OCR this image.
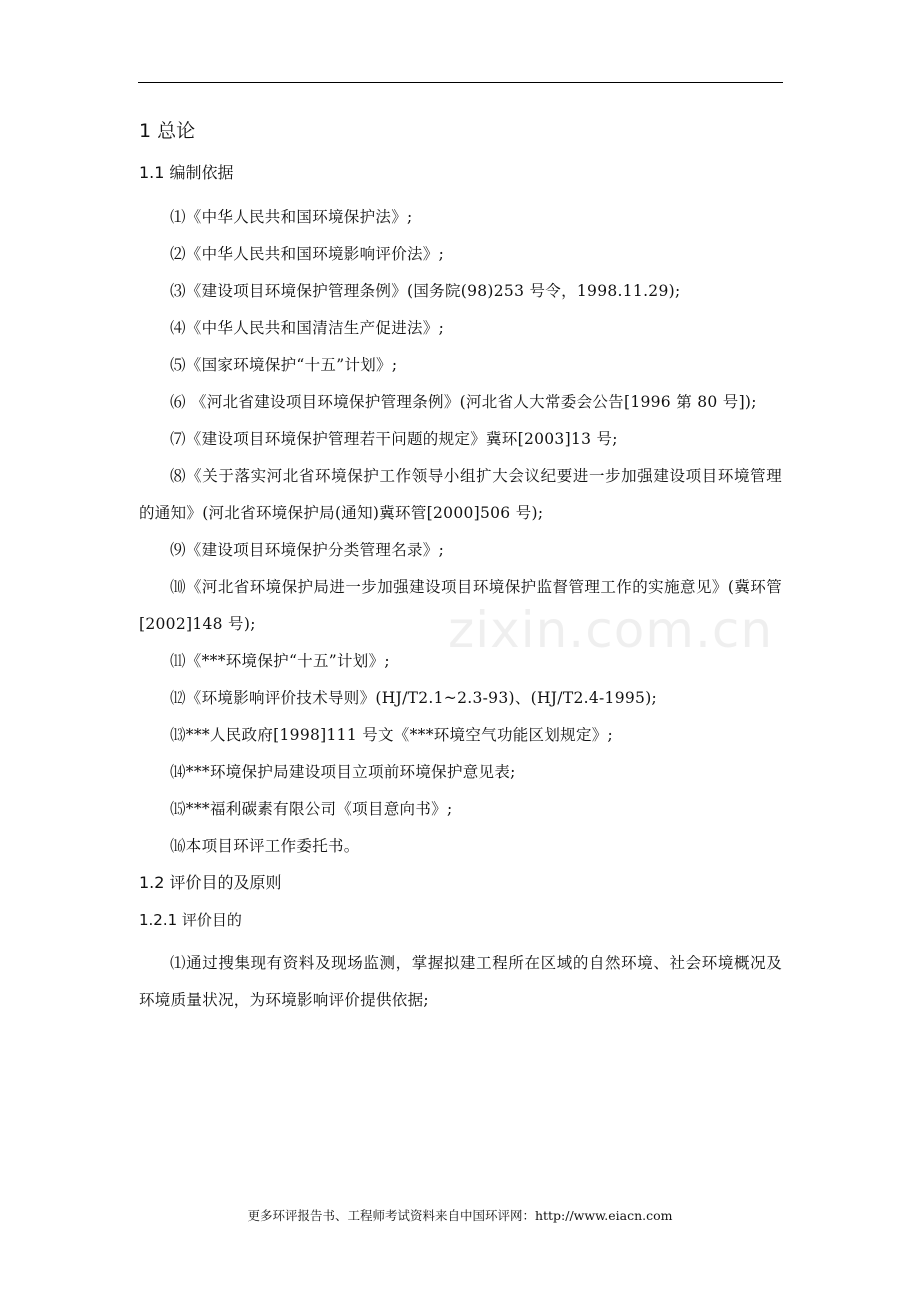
zixin.com.cn
1 总论
1.1 编制依据

⑴《中华人民共和国环境保护法》;

⑵《中华人民共和国环境影响评价法》;

⑶《建设项目环境保护管理条例》(国务院(98)253 号令，1998.11.29);

⑷《中华人民共和国清洁生产促进法》;

⑸《国家环境保护“十五”计划》;

⑹ 《河北省建设项目环境保护管理条例》(河北省人大常委会公告[1996 第 80 号]);

⑺《建设项目环境保护管理若干问题的规定》冀环[2003]13 号;

⑻《关于落实河北省环境保护工作领导小组扩大会议纪要进一步加强建设项目环境管理的通知》(河北省环境保护局(通知)冀环管[2000]506 号);

⑼《建设项目环境保护分类管理名录》;

⑽《河北省环境保护局进一步加强建设项目环境保护监督管理工作的实施意见》(冀环管[2002]148 号);

⑾《***环境保护“十五”计划》;

⑿《环境影响评价技术导则》(HJ/T2.1~2.3-93)、(HJ/T2.4-1995);

⒀***人民政府[1998]111 号文《***环境空气功能区划规定》;

⒁***环境保护局建设项目立项前环境保护意见表;

⒂***福利碳素有限公司《项目意向书》;

⒃本项目环评工作委托书。

1.2 评价目的及原则
1.2.1 评价目的

⑴通过搜集现有资料及现场监测，掌握拟建工程所在区域的自然环境、社会环境概况及环境质量状况，为环境影响评价提供依据;

更多环评报告书、工程师考试资料来自中国环评网：http://www.eiacn.com
